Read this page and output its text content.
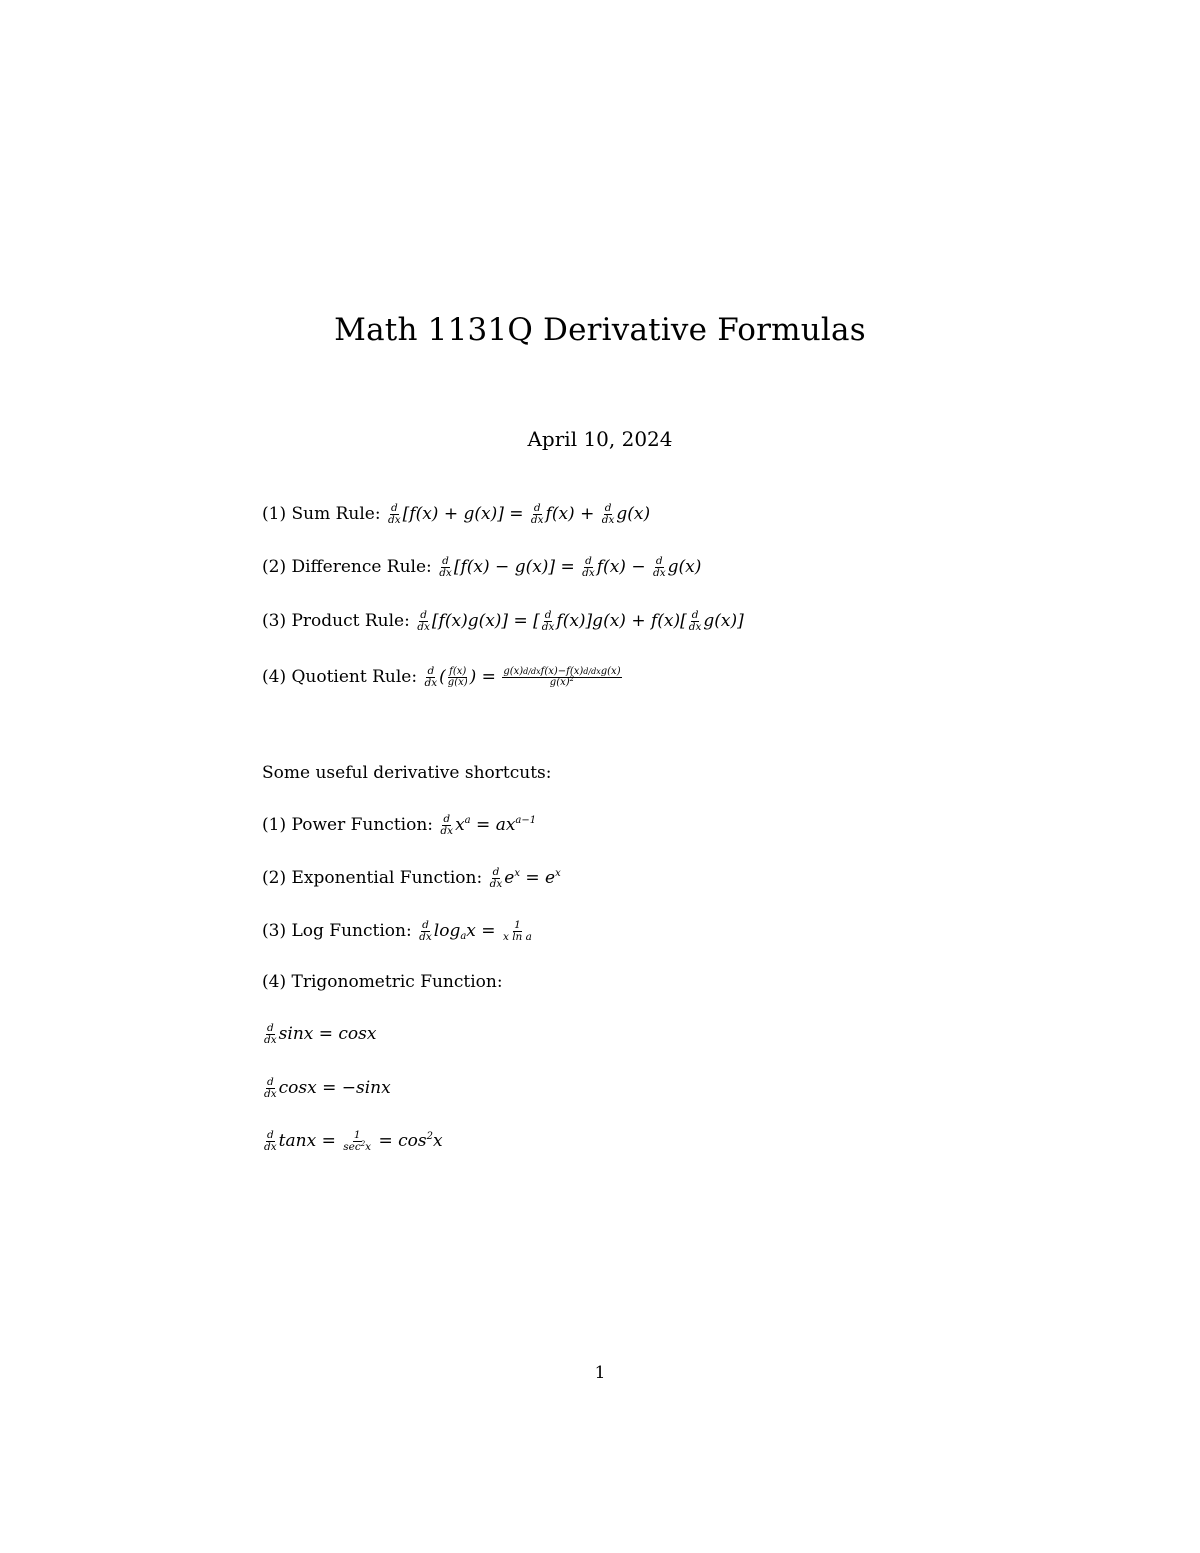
Math 1131Q Derivative Formulas
April 10, 2024
(1) Sum Rule: $\frac{d}{dx} [f(x) + g(x)] = \frac{d}{dx} f(x) + \frac{d}{dx} g(x)$
(2) Difference Rule: $\frac{d}{dx} [f(x) - g(x)] = \frac{d}{dx} f(x) - \frac{d}{dx} g(x)$
(3) Product Rule: $\frac{d}{dx} [f(x)g(x)]$ = [ $\frac{d}{dx} f(x)]g(x) + f(x)[ \frac{d}{dx} g(x)]$
(4) Quotient Rule: $\frac{d}{dx}$ ( $\frac{f(x)}{g(x)}$ ) = $\frac{\text{g(x)d/dxf(x)−f(x)d/dxg(x)}}{g(x)^2}$
Some useful derivative shortcuts:
(1) Power Function: $\frac{d}{dx} x^a = ax^{a-1}$
(2) Exponential Function: $\frac{d}{dx} e^x = e^x$
(3) Log Function: $\frac{d}{dx} \log_ax = \frac{1}{\text{x ln a}}$
(4) Trigonometric Function:
$\frac{d}{dx}$ sinx = cosx
$\frac{d}{dx}$ cosx = −sinx
$\frac{d}{dx}$ $\tan x = \frac{1}{\sec^2x} = \cos^2x$
1
